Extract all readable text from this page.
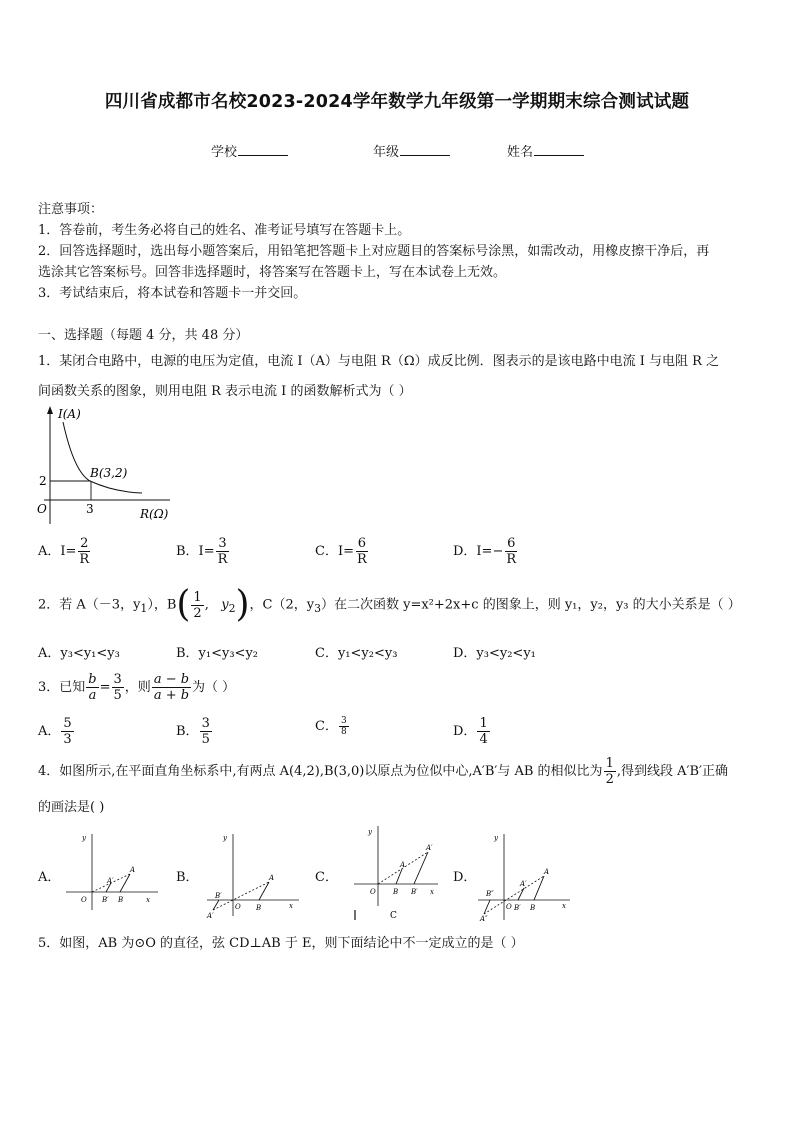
四川省成都市名校2023-2024学年数学九年级第一学期期末综合测试试题
学校	年级	姓名
注意事项：
1．答卷前，考生务必将自己的姓名、准考证号填写在答题卡上。
2．回答选择题时，选出每小题答案后，用铅笔把答题卡上对应题目的答案标号涂黑，如需改动，用橡皮擦干净后，再
选涂其它答案标号。回答非选择题时，将答案写在答题卡上，写在本试卷上无效。
3．考试结束后，将本试卷和答题卡一并交回。
一、选择题（每题 4 分，共 48 分）
1．某闭合电路中，电源的电压为定值，电流 I（A）与电阻 R（Ω）成反比例．图表示的是该电路中电流 I 与电阻 R 之
间函数关系的图象，则用电阻 R 表示电流 I 的函数解析式为（ ）
I(A)
B(3,2)
2
O	3	R(Ω)
A．$I= \frac{2}{R}$	B．$I= \frac{3}{R}$	C．$I= \frac{6}{R}$	D．$I=- \frac{6}{R}$
2．若 A（－3，$y_1$），$B( \frac{1}{2}$ ,   $y_2$)，C（2，$y_3$）在二次函数 y=x²+2x+c 的图象上，则 y₁，y₂，y₃ 的大小关系是（ ）
A．y₃<y₁<y₃	B．y₁<y₃<y₂	C．y₁<y₂<y₃	D．y₃<y₂<y₁
3．已知 $\frac{b}{a} = \frac{3}{5}$ ，则 $\frac{a - b}{a + b}$ 为（ ）
A． $\frac{5}{3}$	B． $\frac{3}{5}$	C． $\frac{3}{8}$	D． $\frac{1}{4}$
4．如图所示,在平面直角坐标系中,有两点 A(4,2),B(3,0)以原点为位似中心,A′B′与 AB 的相似比为 $\frac{1}{2}$ ,得到线段 A′B′正确
的画法是( )
A．	B．	C．	D．
y
x
O
A
A′
B′ B
y
x
O
A
B′
A′
B
y
x
O
A
A′
B B′
C
y
x
O
A
A′
B″
A″
B′ B
5．如图，AB 为⊙O 的直径，弦 CD⊥AB 于 E，则下面结论中不一定成立的是（ ）
